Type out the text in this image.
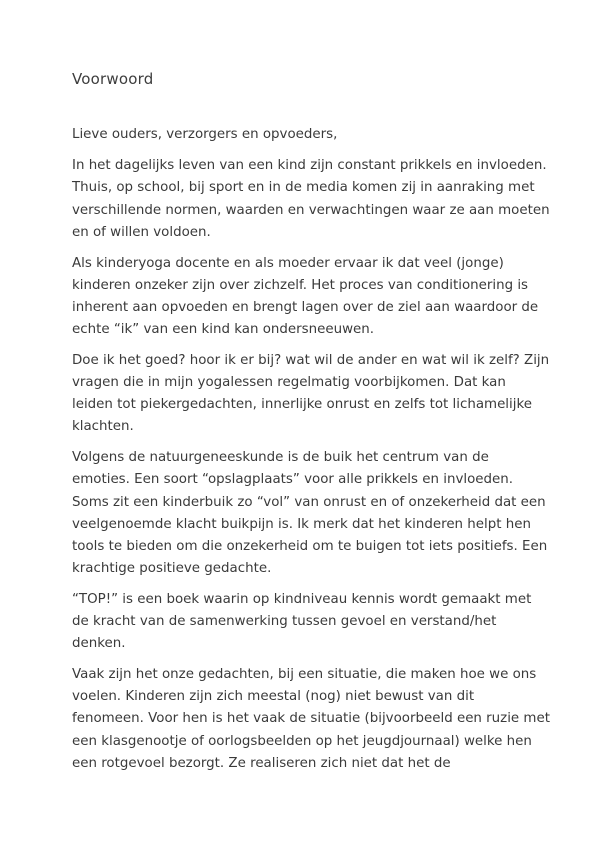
Voorwoord

Lieve ouders, verzorgers en opvoeders,

In het dagelijks leven van een kind zijn constant prikkels en invloeden. Thuis, op school, bij sport en in de media komen zij in aanraking met verschillende normen, waarden en verwachtingen waar ze aan moeten en of willen voldoen.

Als kinderyoga docente en als moeder ervaar ik dat veel (jonge) kinderen onzeker zijn over zichzelf. Het proces van conditionering is inherent aan opvoeden en brengt lagen over de ziel aan waardoor de echte “ik” van een kind kan ondersneeuwen.

Doe ik het goed? hoor ik er bij? wat wil de ander en wat wil ik zelf? Zijn vragen die in mijn yogalessen regelmatig voorbijkomen. Dat kan leiden tot piekergedachten, innerlijke onrust en zelfs tot lichamelijke klachten.

Volgens de natuurgeneeskunde is de buik het centrum van de emoties. Een soort “opslagplaats” voor alle prikkels en invloeden. Soms zit een kinderbuik zo “vol” van onrust en of onzekerheid dat een veelgenoemde klacht buikpijn is. Ik merk dat het kinderen helpt hen tools te bieden om die onzekerheid om te buigen tot iets positiefs. Een krachtige positieve gedachte.

“TOP!” is een boek waarin op kindniveau kennis wordt gemaakt met de kracht van de samenwerking tussen gevoel en verstand/het denken.

Vaak zijn het onze gedachten, bij een situatie, die maken hoe we ons voelen. Kinderen zijn zich meestal (nog) niet bewust van dit fenomeen. Voor hen is het vaak de situatie (bijvoorbeeld een ruzie met een klasgenootje of oorlogsbeelden op het jeugdjournaal) welke hen een rotgevoel bezorgt. Ze realiseren zich niet dat het de
